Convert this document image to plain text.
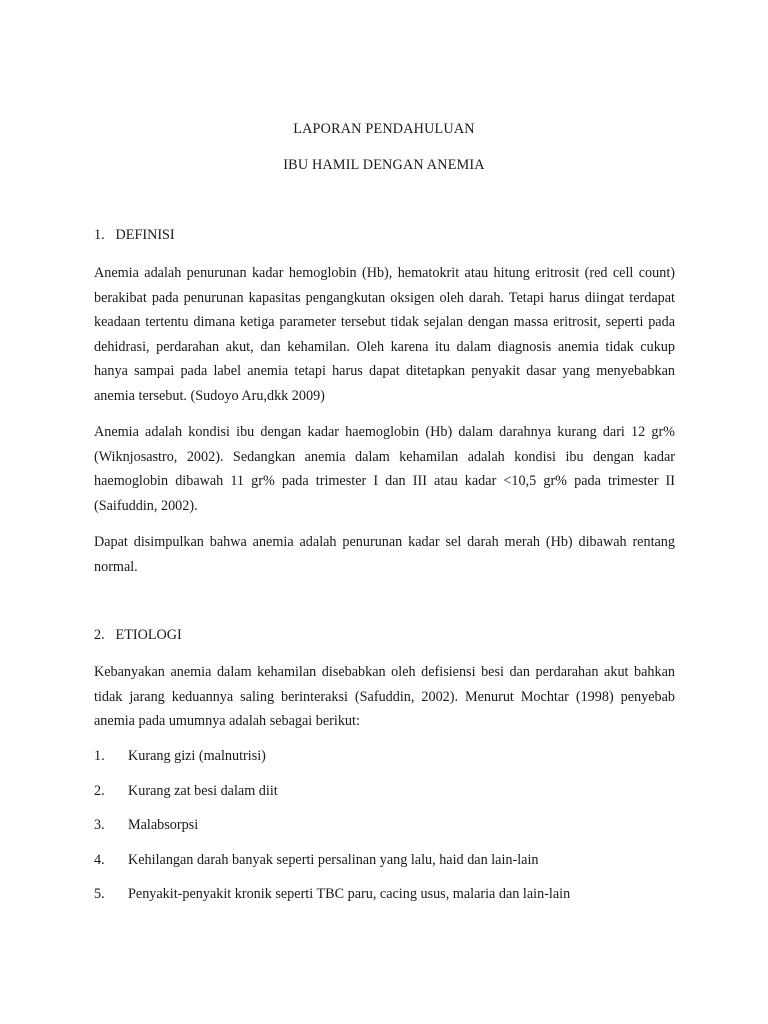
LAPORAN PENDAHULUAN
IBU HAMIL DENGAN ANEMIA
1. DEFINISI

Anemia adalah penurunan kadar hemoglobin (Hb), hematokrit atau hitung eritrosit (red cell count) berakibat pada penurunan kapasitas pengangkutan oksigen oleh darah. Tetapi harus diingat terdapat keadaan tertentu dimana ketiga parameter tersebut tidak sejalan dengan massa eritrosit, seperti pada dehidrasi, perdarahan akut, dan kehamilan. Oleh karena itu dalam diagnosis anemia tidak cukup hanya sampai pada label anemia tetapi harus dapat ditetapkan penyakit dasar yang menyebabkan anemia tersebut. (Sudoyo Aru,dkk 2009)

Anemia adalah kondisi ibu dengan kadar haemoglobin (Hb) dalam darahnya kurang dari 12 gr% (Wiknjosastro, 2002). Sedangkan anemia dalam kehamilan adalah kondisi ibu dengan kadar haemoglobin dibawah 11 gr% pada trimester I dan III atau kadar <10,5 gr% pada trimester II (Saifuddin, 2002).

Dapat disimpulkan bahwa anemia adalah penurunan kadar sel darah merah (Hb) dibawah rentang normal.

2. ETIOLOGI

Kebanyakan anemia dalam kehamilan disebabkan oleh defisiensi besi dan perdarahan akut bahkan tidak jarang keduannya saling berinteraksi (Safuddin, 2002). Menurut Mochtar (1998) penyebab anemia pada umumnya adalah sebagai berikut:

1. Kurang gizi (malnutrisi)
2. Kurang zat besi dalam diit
3. Malabsorpsi
4. Kehilangan darah banyak seperti persalinan yang lalu, haid dan lain-lain
5. Penyakit-penyakit kronik seperti TBC paru, cacing usus, malaria dan lain-lain
